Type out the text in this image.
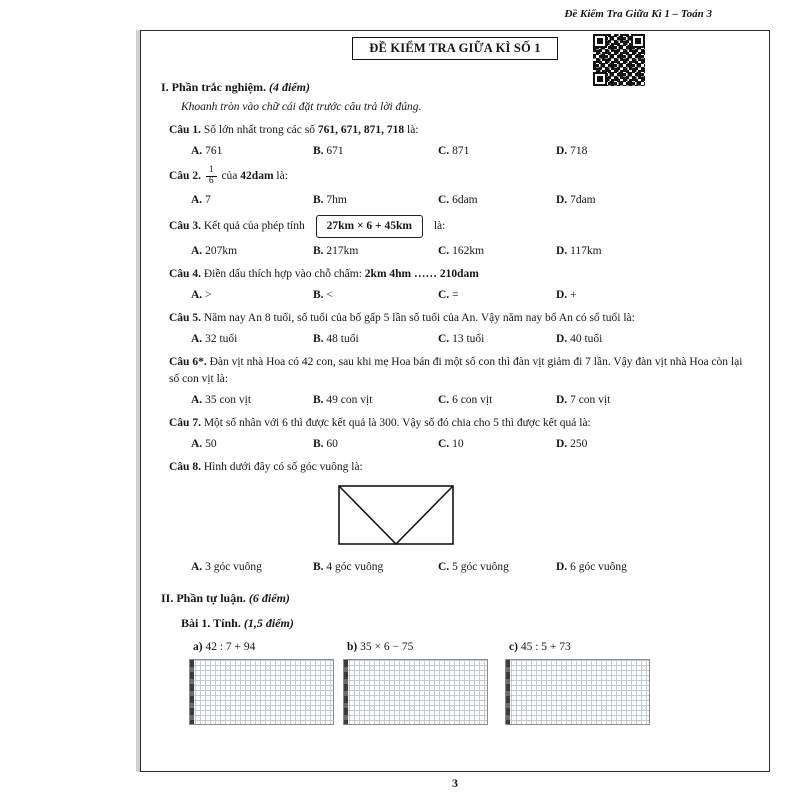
Đề Kiểm Tra Giữa Kì 1 – Toán 3
ĐỀ KIỂM TRA GIỮA KÌ SỐ 1
I. Phần trắc nghiệm. (4 điểm)
Khoanh tròn vào chữ cái đặt trước câu trả lời đúng.

Câu 1. Số lớn nhất trong các số 761, 671, 871, 718 là:

A. 761	B. 671	C. 871	D. 718

Câu 2. $\frac{1}{6}$ của 42dam là:

A. 7	B. 7hm	C. 6dam	D. 7dam

Câu 3. Kết quả của phép tính 27km × 6 + 45km là:

A. 207km	B. 217km	C. 162km	D. 117km

Câu 4. Điền dấu thích hợp vào chỗ chấm: 2km 4hm …… 210dam

A. >	B. <	C. =	D. +

Câu 5. Năm nay An 8 tuổi, số tuổi của bố gấp 5 lần số tuổi của An. Vậy năm nay bố An có số tuổi là:

A. 32 tuổi	B. 48 tuổi	C. 13 tuổi	D. 40 tuổi

Câu 6*. Đàn vịt nhà Hoa có 42 con, sau khi mẹ Hoa bán đi một số con thì đàn vịt giảm đi 7 lần. Vậy đàn vịt nhà Hoa còn lại số con vịt là:

A. 35 con vịt	B. 49 con vịt	C. 6 con vịt	D. 7 con vịt

Câu 7. Một số nhân với 6 thì được kết quả là 300. Vậy số đó chia cho 5 thì được kết quả là:

A. 50	B. 60	C. 10	D. 250

Câu 8. Hình dưới đây có số góc vuông là:

A. 3 góc vuông	B. 4 góc vuông	C. 5 góc vuông	D. 6 góc vuông
II. Phần tự luận. (6 điểm)
Bài 1. Tính. (1,5 điểm)
a) 42 : 7 + 94	b) 35 × 6 − 75	c) 45 : 5 + 73
3
